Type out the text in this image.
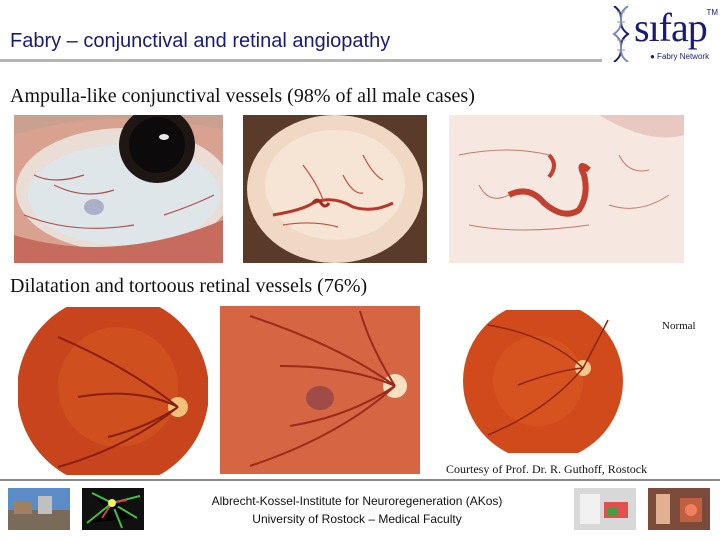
Fabry – conjunctival and retinal angiopathy	sıfap TM
● Fabry Network
Ampulla-like conjunctival vessels (98% of all male cases)
Dilatation and tortoous retinal vessels (76%)
Normal
Courtesy of Prof. Dr. R. Guthoff, Rostock
Albrecht-Kossel-Institute for Neuroregeneration (AKos)
University of Rostock – Medical Faculty
